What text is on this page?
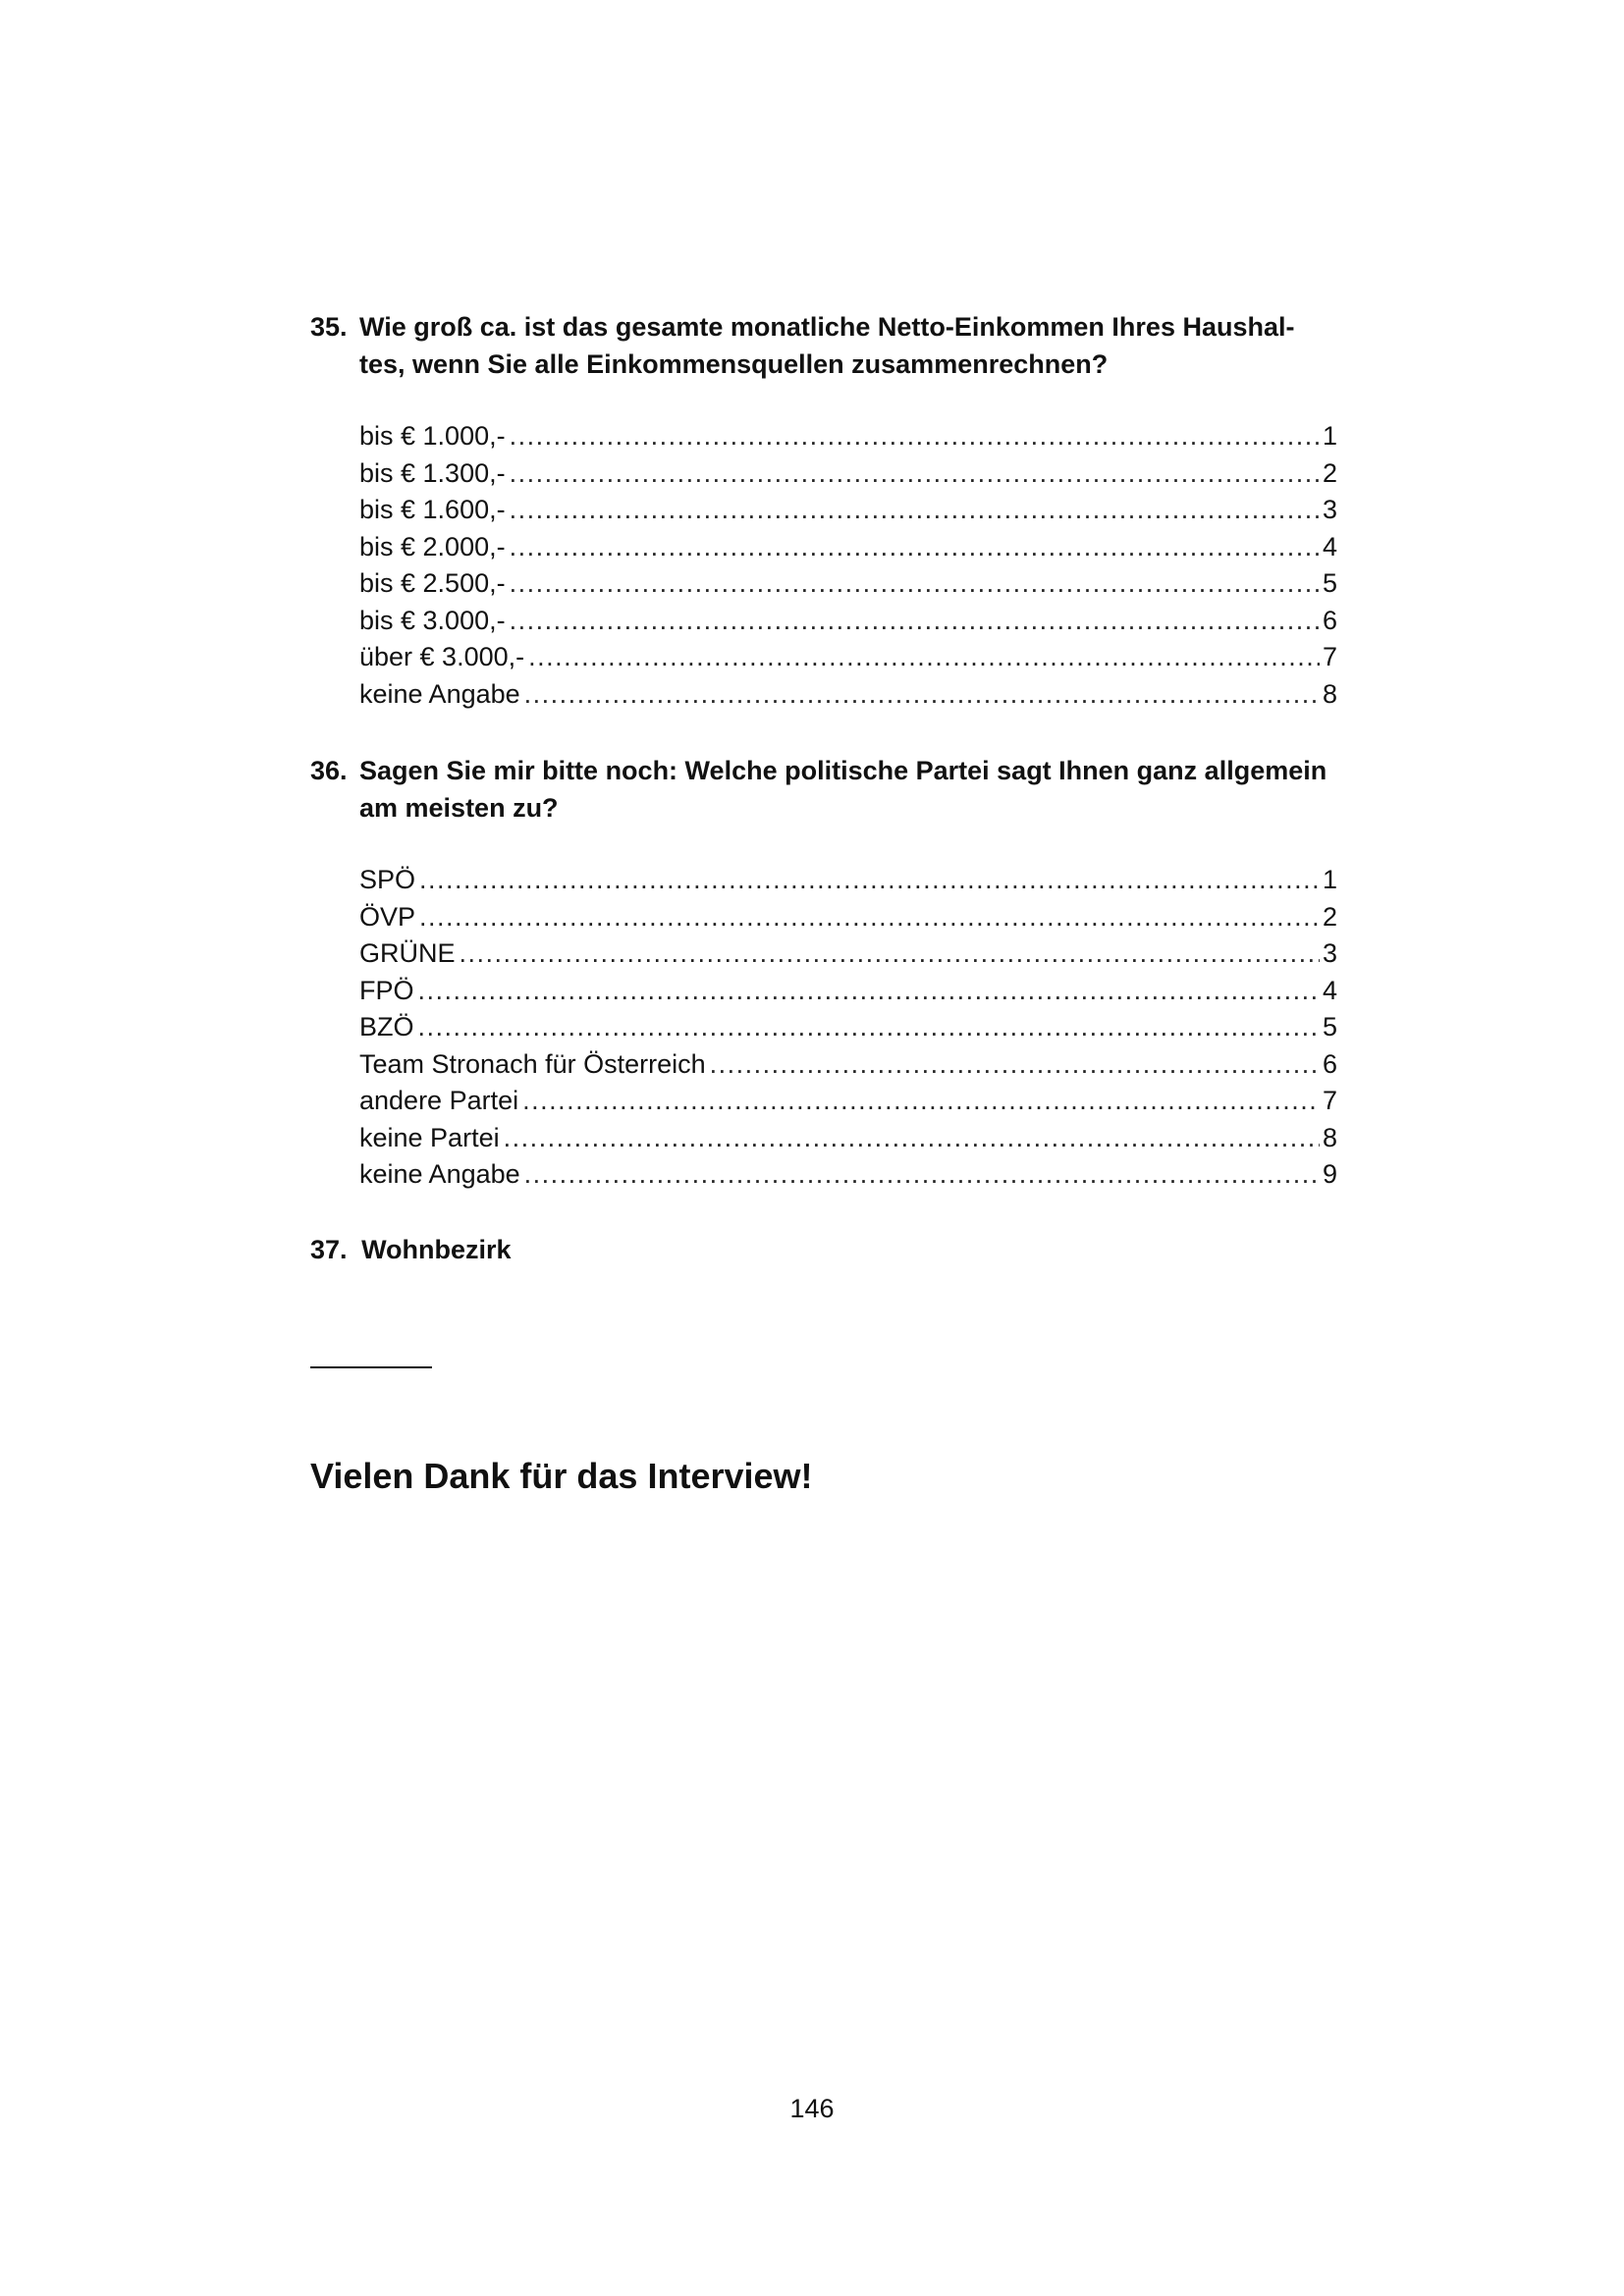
35. Wie groß ca. ist das gesamte monatliche Netto-Einkommen Ihres Haushal-
tes, wenn Sie alle Einkommensquellen zusammenrechnen?
bis € 1.000,- .....	1
bis € 1.300,- .....	2
bis € 1.600,- .....	3
bis € 2.000,- .....	4
bis € 2.500,- .....	5
bis € 3.000,- .....	6
über € 3.000,- .....	7
keine Angabe .....	8
36. Sagen Sie mir bitte noch: Welche politische Partei sagt Ihnen ganz allgemein
am meisten zu?
SPÖ .....	1
ÖVP .....	2
GRÜNE .....	3
FPÖ .....	4
BZÖ .....	5
Team Stronach für Österreich .....	6
andere Partei .....	7
keine Partei .....	8
keine Angabe .....	9
37. Wohnbezirk
Vielen Dank für das Interview!
146
